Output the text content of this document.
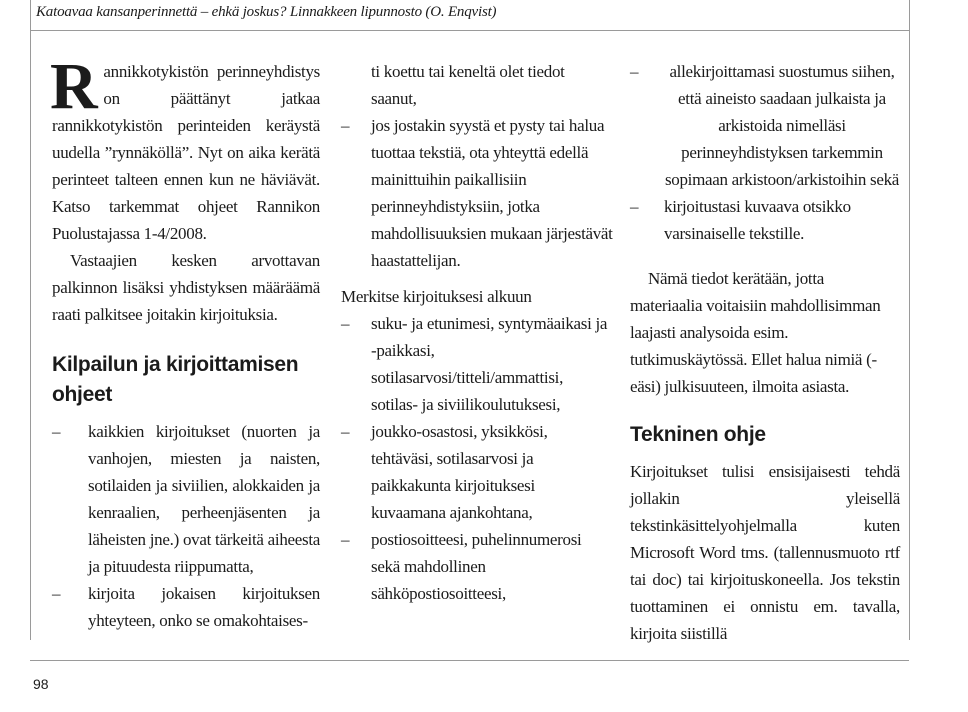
Katoavaa kansanperinnettä – ehkä joskus? Linnakkeen lipunnosto (O. Enqvist)

Rannikkotykistön perinneyhdistys on päättänyt jatkaa rannikkotykistön perinteiden keräystä uudella ”rynnäköllä”. Nyt on aika kerätä perinteet talteen ennen kun ne häviävät. Katso tarkemmat ohjeet Rannikon Puolustajassa 1-4/2008.

Vastaajien kesken arvottavan palkinnon lisäksi yhdistyksen määräämä raati palkitsee joitakin kirjoituksia.

Kilpailun ja kirjoittamisen ohjeet
– kaikkien kirjoitukset (nuorten ja vanhojen, miesten ja naisten, sotilaiden ja siviilien, alokkaiden ja kenraalien, perheenjäsenten ja läheisten jne.) ovat tärkeitä aiheesta ja pituudesta riippumatta,
– kirjoita jokaisen kirjoituksen yhteyteen, onko se omakohtaises-

ti koettu tai keneltä olet tiedot saanut,

– jos jostakin syystä et pysty tai halua tuottaa tekstiä, ota yhteyttä edellä mainittuihin paikallisiin perinneyhdistyksiin, jotka mahdollisuuksien mukaan järjestävät haastattelijan.

Merkitse kirjoituksesi alkuun

– suku- ja etunimesi, syntymäaikasi ja -paikkasi, sotilasarvosi/titteli/ammattisi, sotilas- ja siviilikoulutuksesi,
– joukko-osastosi, yksikkösi, tehtäväsi, sotilasarvosi ja paikkakunta kirjoituksesi kuvaamana ajankohtana,
– postiosoitteesi, puhelinnumerosi sekä mahdollinen sähköpostiosoitteesi,
– allekirjoittamasi suostumus siihen, että aineisto saadaan julkaista ja arkistoida nimelläsi perinneyhdistyksen tarkemmin sopimaan arkistoon/arkistoihin sekä
– kirjoitustasi kuvaava otsikko varsinaiselle tekstille.

Nämä tiedot kerätään, jotta materiaalia voitaisiin mahdollisimman laajasti analysoida esim. tutkimuskäytössä. Ellet halua nimiä (-eäsi) julkisuuteen, ilmoita asiasta.

Tekninen ohje

Kirjoitukset tulisi ensisijaisesti tehdä jollakin yleisellä tekstinkäsittelyohjelmalla kuten Microsoft Word tms. (tallennusmuoto rtf tai doc) tai kirjoituskoneella. Jos tekstin tuottaminen ei onnistu em. tavalla, kirjoita siistillä

98
